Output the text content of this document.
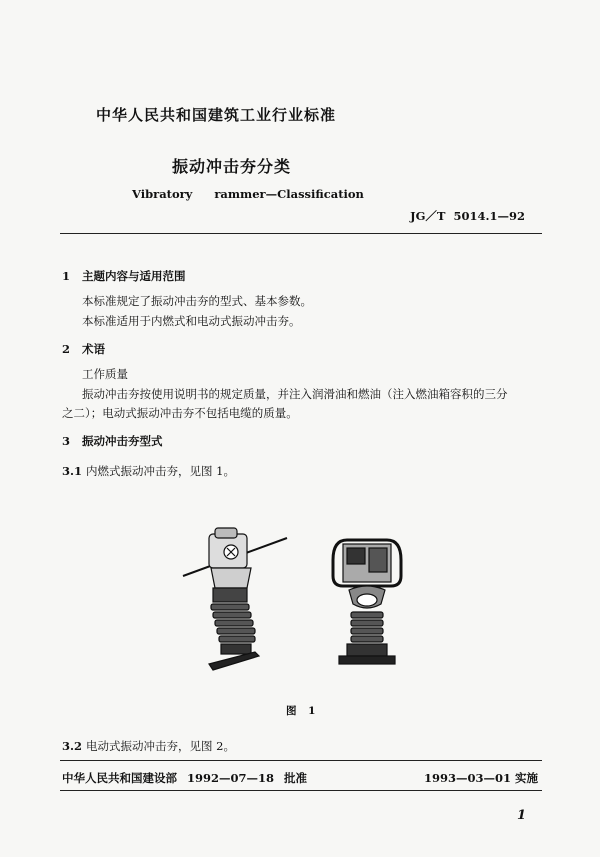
中华人民共和国建筑工业行业标准
振动冲击夯分类
Vibratory rammer—Classification
JG／T 5014.1—92
1 主题内容与适用范围
本标准规定了振动冲击夯的型式、基本参数。
本标准适用于内燃式和电动式振动冲击夯。
2 术语
工作质量
振动冲击夯按使用说明书的规定质量，并注入润滑油和燃油（注入燃油箱容积的三分
之二）；电动式振动冲击夯不包括电缆的质量。
3 振动冲击夯型式
3.1 内燃式振动冲击夯，见图 1。
图 1
3.2 电动式振动冲击夯，见图 2。
中华人民共和国建设部 1992—07—18 批准	1993—03—01 实施
1
